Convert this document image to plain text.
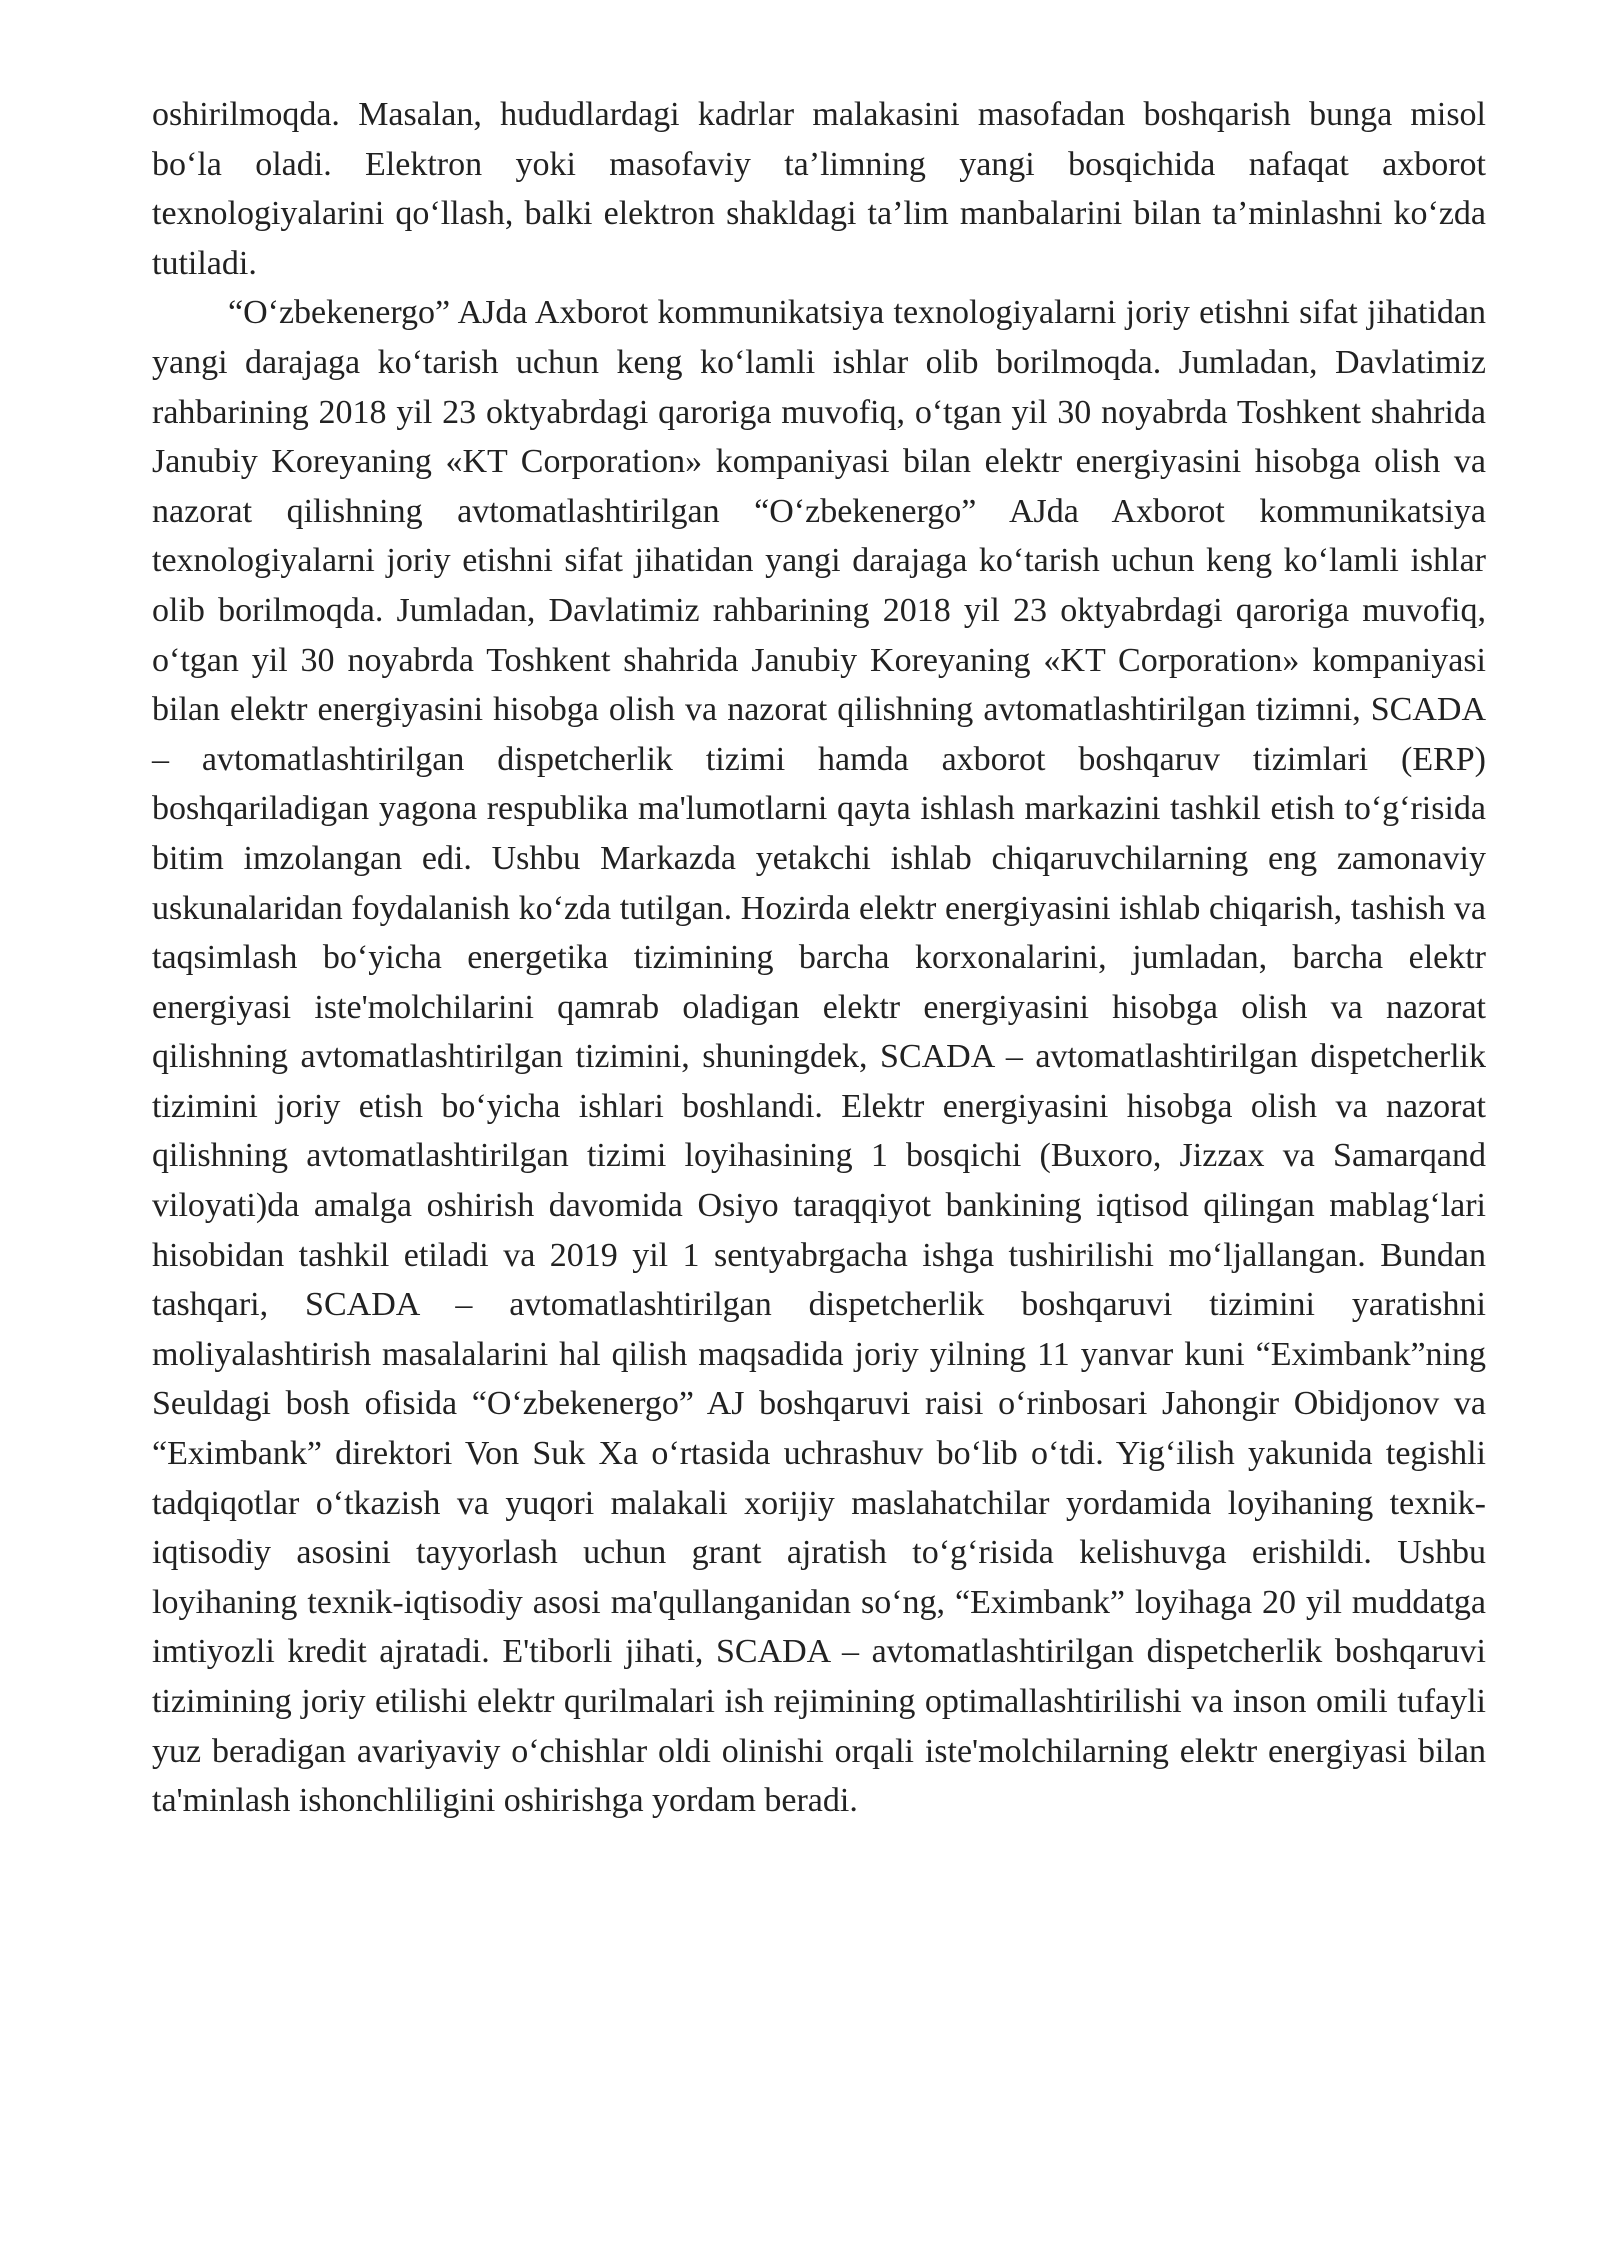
oshirilmoqda. Masalan, hududlardagi kadrlar malakasini masofadan boshqarish bunga misol bo‘la oladi. Elektron yoki masofaviy ta’limning yangi bosqichida nafaqat axborot texnologiyalarini qo‘llash, balki elektron shakldagi ta’lim manbalarini bilan ta’minlashni ko‘zda tutiladi.

“O‘zbekenergo” AJda Axborot kommunikatsiya texnologiyalarni joriy etishni sifat jihatidan yangi darajaga ko‘tarish uchun keng ko‘lamli ishlar olib borilmoqda. Jumladan, Davlatimiz rahbarining 2018 yil 23 oktyabrdagi qaroriga muvofiq, o‘tgan yil 30 noyabrda Toshkent shahrida Janubiy Koreyaning «KT Corporation» kompaniyasi bilan elektr energiyasini hisobga olish va nazorat qilishning avtomatlashtirilgan “O‘zbekenergo” AJda Axborot kommunikatsiya texnologiyalarni joriy etishni sifat jihatidan yangi darajaga ko‘tarish uchun keng ko‘lamli ishlar olib borilmoqda. Jumladan, Davlatimiz rahbarining 2018 yil 23 oktyabrdagi qaroriga muvofiq, o‘tgan yil 30 noyabrda Toshkent shahrida Janubiy Koreyaning «KT Corporation» kompaniyasi bilan elektr energiyasini hisobga olish va nazorat qilishning avtomatlashtirilgan tizimni, SCADA – avtomatlashtirilgan dispetcherlik tizimi hamda axborot boshqaruv tizimlari (ERP) boshqariladigan yagona respublika ma'lumotlarni qayta ishlash markazini tashkil etish to‘g‘risida bitim imzolangan edi. Ushbu Markazda yetakchi ishlab chiqaruvchilarning eng zamonaviy uskunalaridan foydalanish ko‘zda tutilgan. Hozirda elektr energiyasini ishlab chiqarish, tashish va taqsimlash bo‘yicha energetika tizimining barcha korxonalarini, jumladan, barcha elektr energiyasi iste'molchilarini qamrab oladigan elektr energiyasini hisobga olish va nazorat qilishning avtomatlashtirilgan tizimini, shuningdek, SCADA – avtomatlashtirilgan dispetcherlik tizimini joriy etish bo‘yicha ishlari boshlandi. Elektr energiyasini hisobga olish va nazorat qilishning avtomatlashtirilgan tizimi loyihasining 1 bosqichi (Buxoro, Jizzax va Samarqand viloyati)da amalga oshirish davomida Osiyo taraqqiyot bankining iqtisod qilingan mablag‘lari hisobidan tashkil etiladi va 2019 yil 1 sentyabrgacha ishga tushirilishi mo‘ljallangan. Bundan tashqari, SCADA – avtomatlashtirilgan dispetcherlik boshqaruvi tizimini yaratishni moliyalashtirish masalalarini hal qilish maqsadida joriy yilning 11 yanvar kuni “Eximbank”ning Seuldagi bosh ofisida “O‘zbekenergo” AJ boshqaruvi raisi o‘rinbosari Jahongir Obidjonov va “Eximbank” direktori Von Suk Xa o‘rtasida uchrashuv bo‘lib o‘tdi. Yig‘ilish yakunida tegishli tadqiqotlar o‘tkazish va yuqori malakali xorijiy maslahatchilar yordamida loyihaning texnik-iqtisodiy asosini tayyorlash uchun grant ajratish to‘g‘risida kelishuvga erishildi. Ushbu loyihaning texnik-iqtisodiy asosi ma'qullanganidan so‘ng, “Eximbank” loyihaga 20 yil muddatga imtiyozli kredit ajratadi. E'tiborli jihati, SCADA – avtomatlashtirilgan dispetcherlik boshqaruvi tizimining joriy etilishi elektr qurilmalari ish rejimining optimallashtirilishi va inson omili tufayli yuz beradigan avariyaviy o‘chishlar oldi olinishi orqali iste'molchilarning elektr energiyasi bilan ta'minlash ishonchliligini oshirishga yordam beradi.
